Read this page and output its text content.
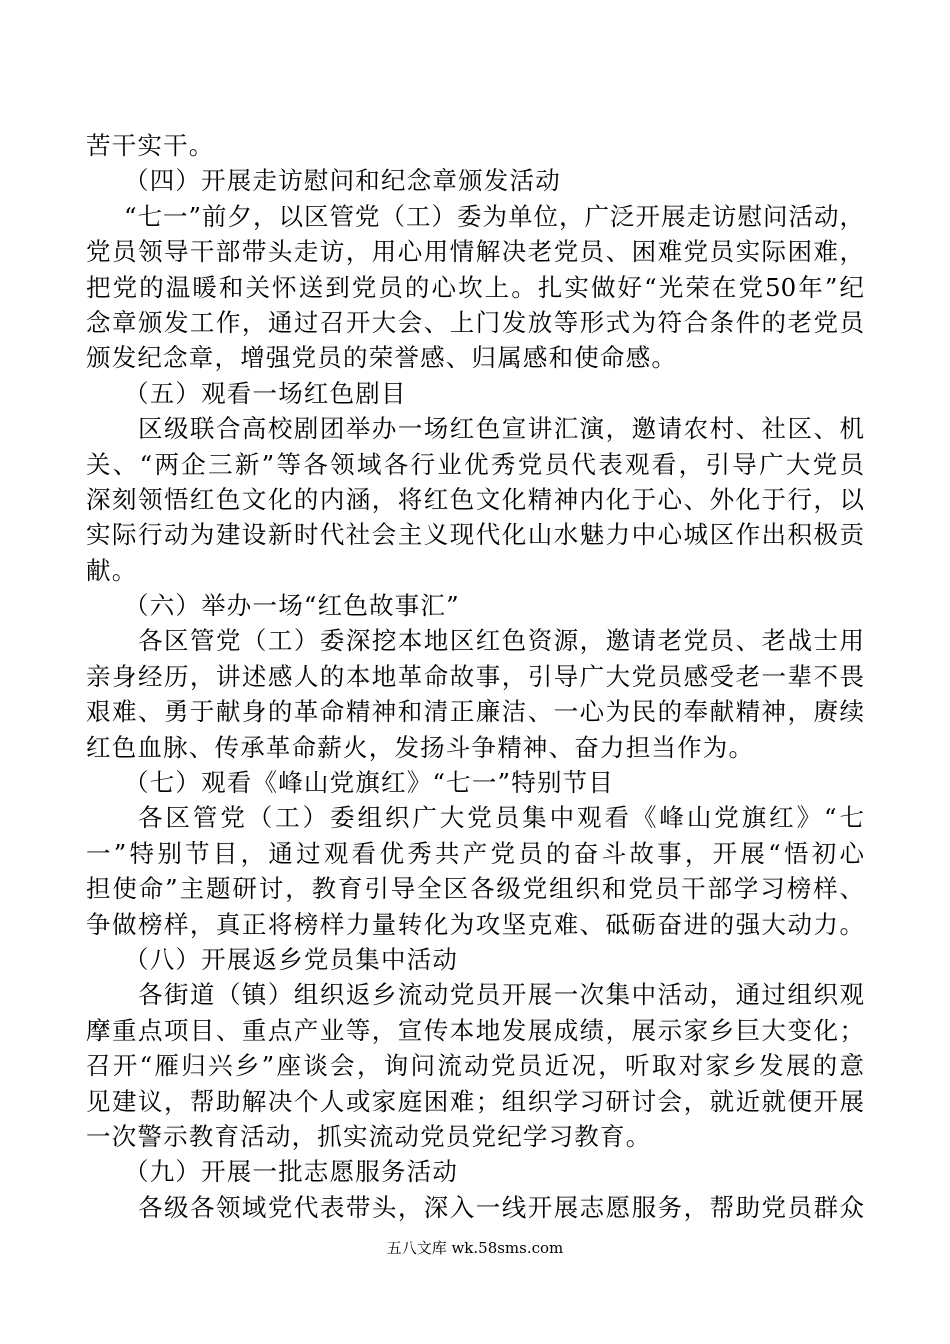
苦干实干。
（四）开展走访慰问和纪念章颁发活动
“七一”前夕，以区管党（工）委为单位，广泛开展走访慰问活动，
党员领导干部带头走访，用心用情解决老党员、困难党员实际困难，
把党的温暖和关怀送到党员的心坎上。扎实做好“光荣在党50年”纪
念章颁发工作，通过召开大会、上门发放等形式为符合条件的老党员
颁发纪念章，增强党员的荣誉感、归属感和使命感。
（五）观看一场红色剧目
区级联合高校剧团举办一场红色宣讲汇演，邀请农村、社区、机
关、“两企三新”等各领域各行业优秀党员代表观看，引导广大党员
深刻领悟红色文化的内涵，将红色文化精神内化于心、外化于行，以
实际行动为建设新时代社会主义现代化山水魅力中心城区作出积极贡
献。
（六）举办一场“红色故事汇”
各区管党（工）委深挖本地区红色资源，邀请老党员、老战士用
亲身经历，讲述感人的本地革命故事，引导广大党员感受老一辈不畏
艰难、勇于献身的革命精神和清正廉洁、一心为民的奉献精神，赓续
红色血脉、传承革命薪火，发扬斗争精神、奋力担当作为。
（七）观看《峰山党旗红》“七一”特别节目
各区管党（工）委组织广大党员集中观看《峰山党旗红》“七
一”特别节目，通过观看优秀共产党员的奋斗故事，开展“悟初心
担使命”主题研讨，教育引导全区各级党组织和党员干部学习榜样、
争做榜样，真正将榜样力量转化为攻坚克难、砥砺奋进的强大动力。
（八）开展返乡党员集中活动
各街道（镇）组织返乡流动党员开展一次集中活动，通过组织观
摩重点项目、重点产业等，宣传本地发展成绩，展示家乡巨大变化；
召开“雁归兴乡”座谈会，询问流动党员近况，听取对家乡发展的意
见建议，帮助解决个人或家庭困难；组织学习研讨会，就近就便开展
一次警示教育活动，抓实流动党员党纪学习教育。
（九）开展一批志愿服务活动
各级各领域党代表带头，深入一线开展志愿服务，帮助党员群众
五八文库 wk.58sms.com
